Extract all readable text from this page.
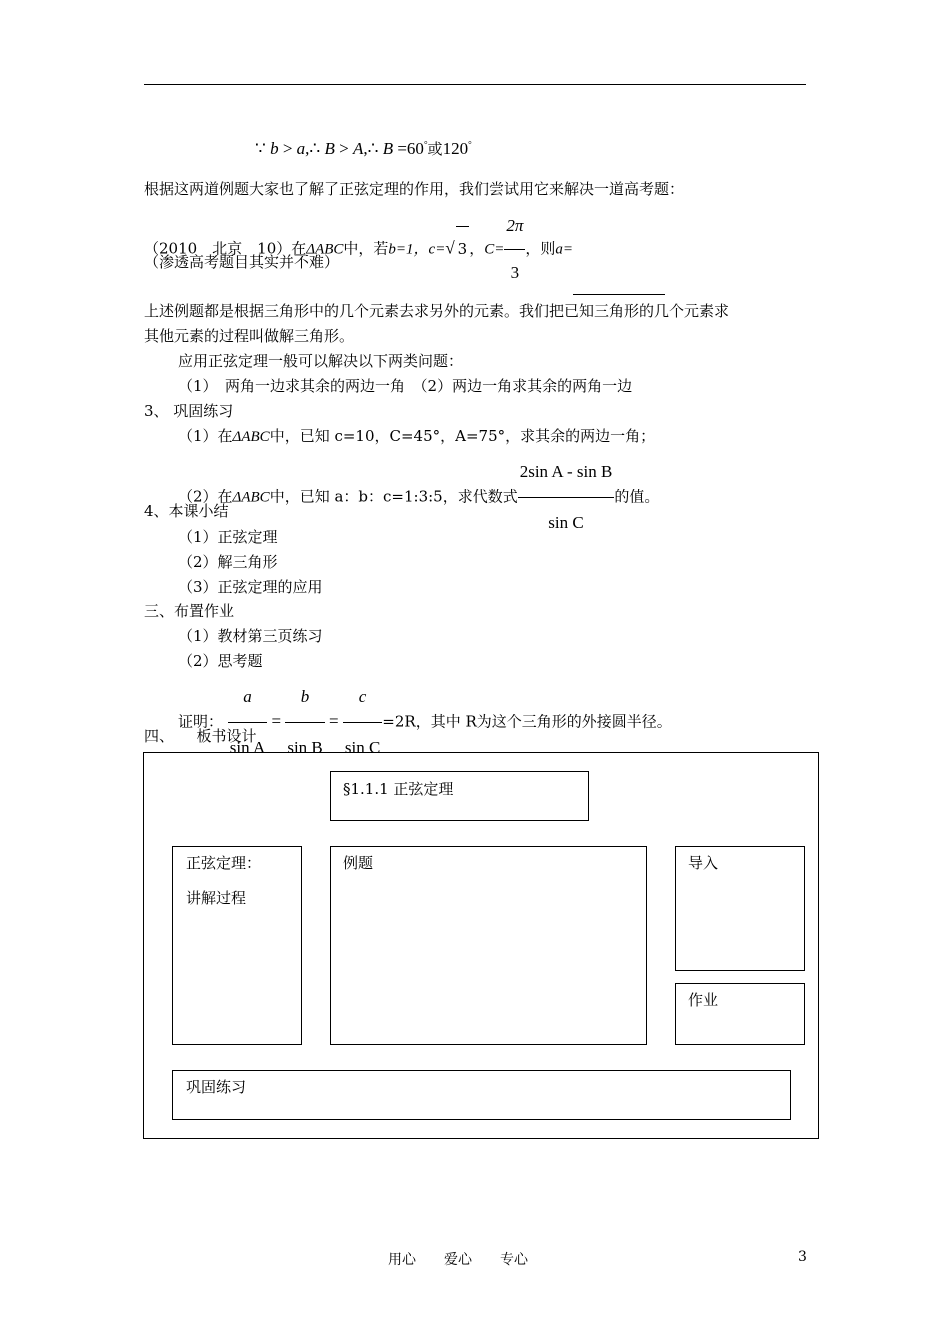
∵ b > a,∴ B > A,∴ B =60°或120°
根据这两道例题大家也了解了正弦定理的作用，我们尝试用它来解决一道高考题：
（2010　北京　10）在ΔABC中，若b=1，c=√ 3 ，$C= \frac{2\pi}{3}$ ，则a=
（渗透高考题目其实并不难）
上述例题都是根据三角形中的几个元素去求另外的元素。我们把已知三角形的几个元素求
其他元素的过程叫做解三角形。
应用正弦定理一般可以解决以下两类问题：
（1）　两角一边求其余的两边一角　（2）两边一角求其余的两角一边
3、 巩固练习
（1）在ΔABC中，已知 c=10，C=45°，A=75°，求其余的两边一角；
（2）在ΔABC中，已知 a：b：c=1:3:5，求代数式 $\frac{\text{2sin A - sin B}}{\text{sin C}}$ 的值。
4、本课小结
（1）正弦定理
（2）解三角形
（3）正弦定理的应用
三、布置作业
（1）教材第三页练习
（2）思考题
证明： $\frac{a}{\text{sin A}} = \frac{b}{\text{sin B}} = \frac{c}{\text{sin C}} =2R$，其中 R为这个三角形的外接圆半径。
四、　　板书设计
§1.1.1 正弦定理
正弦定理：
讲解过程
例题	导入
作业
巩固练习
用心　　爱心　　专心	3
